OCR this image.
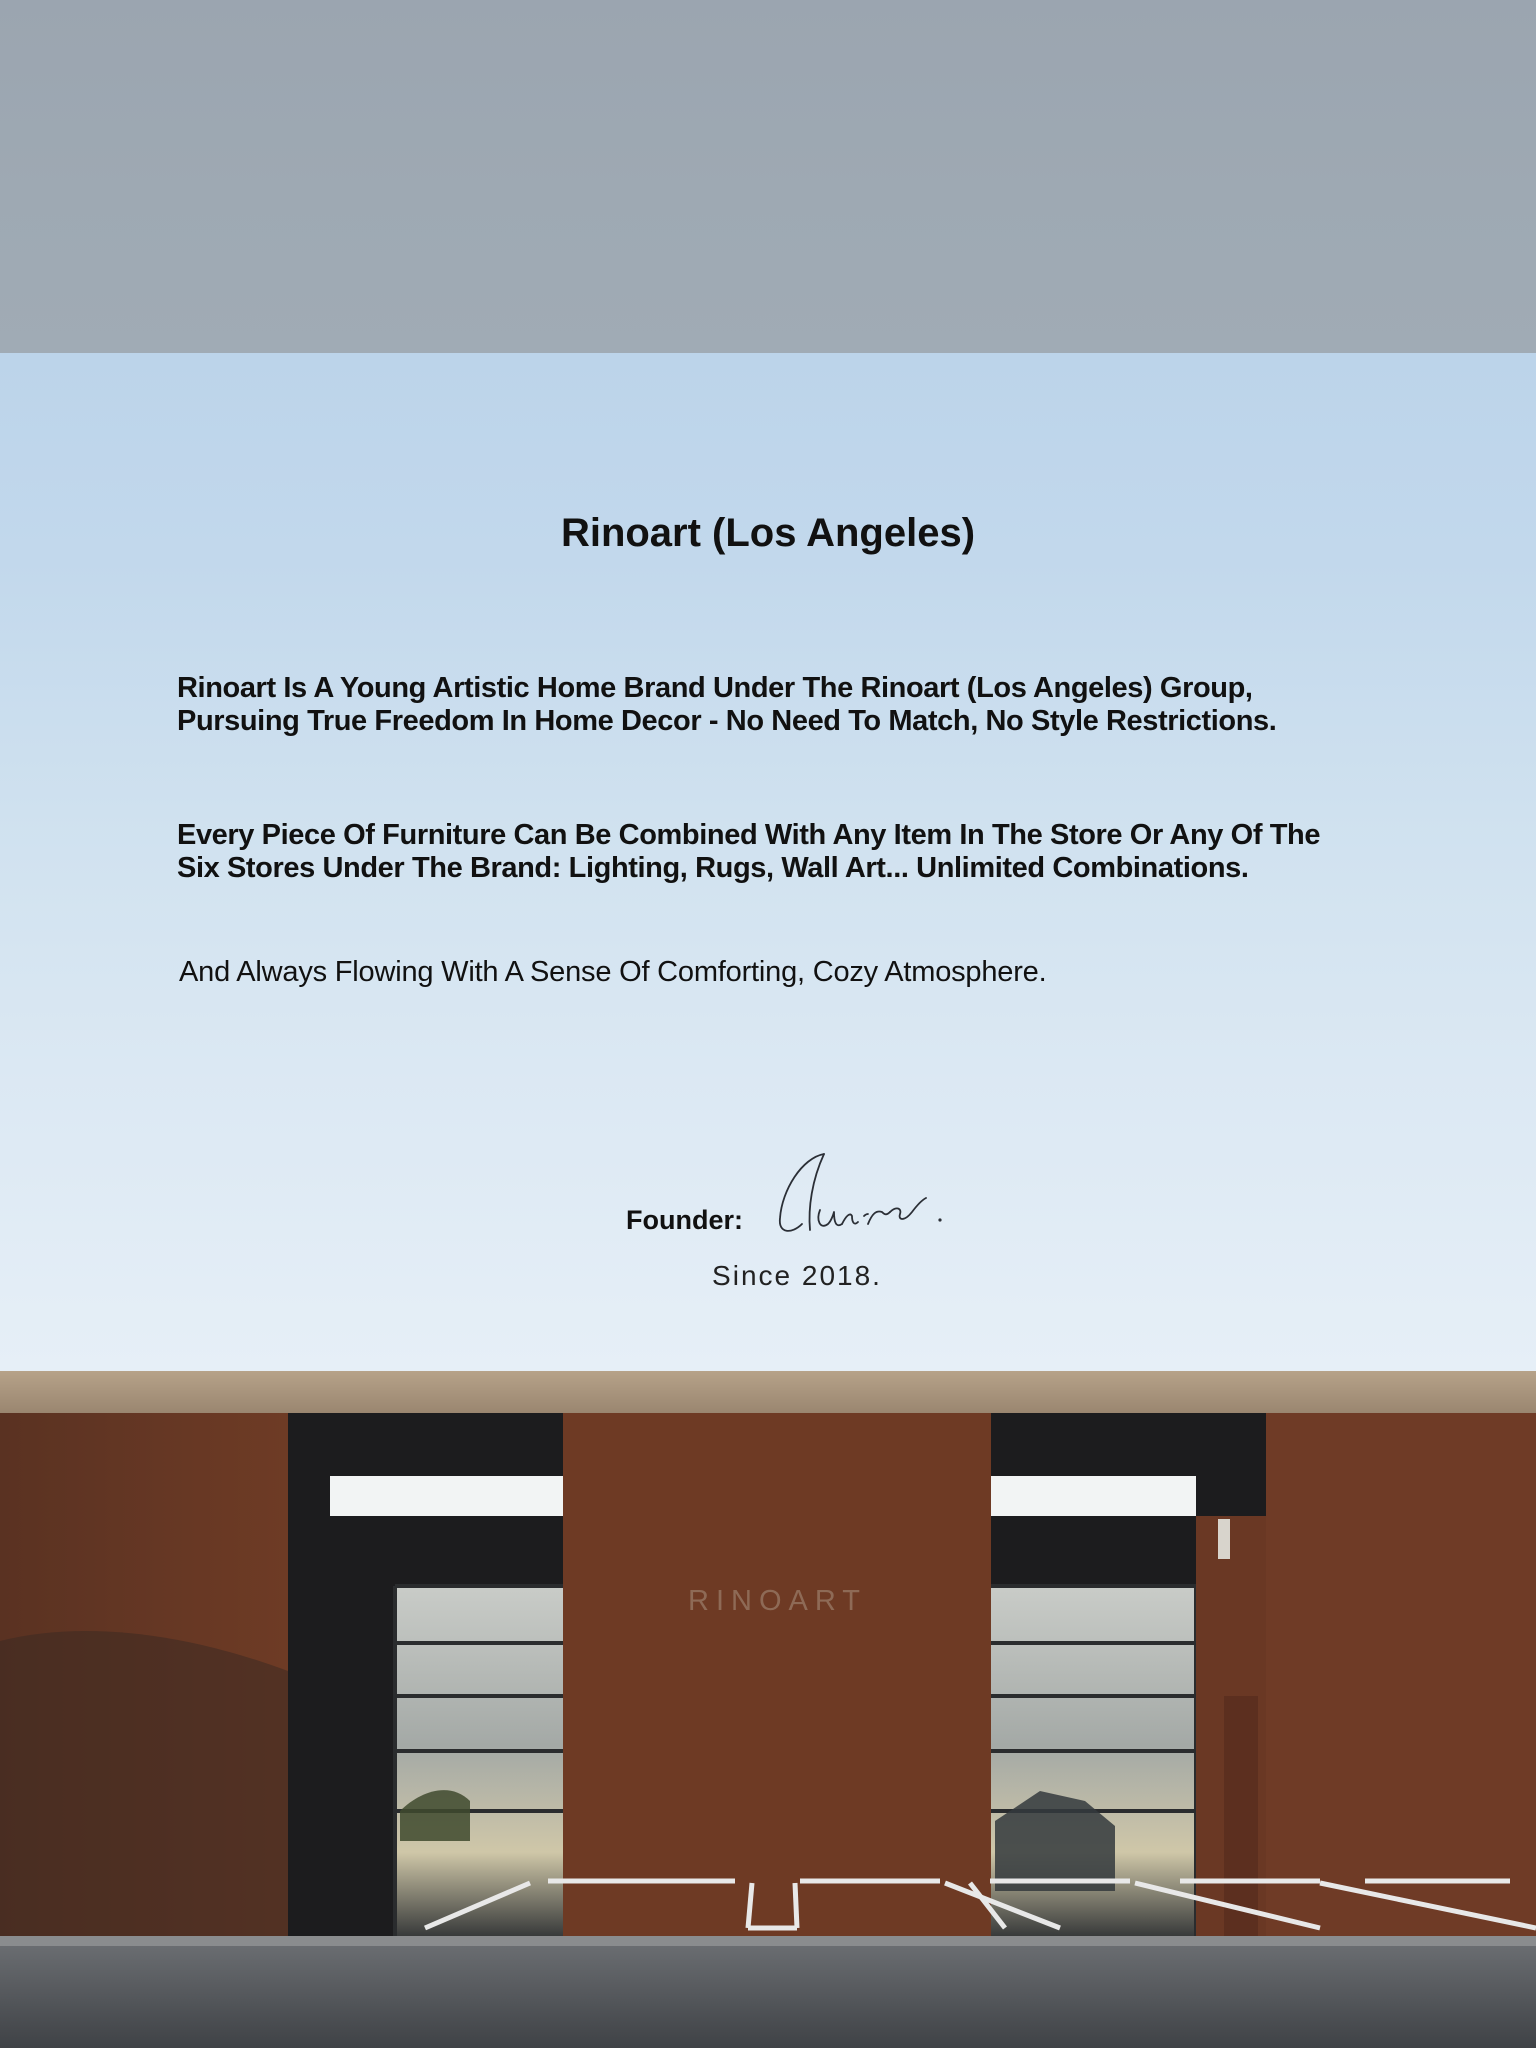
Rinoart (Los Angeles)
Rinoart Is A Young Artistic Home Brand Under The Rinoart (Los Angeles) Group,
Pursuing True Freedom In Home Decor - No Need To Match, No Style Restrictions.
Every Piece Of Furniture Can Be Combined With Any Item In The Store Or Any Of The
Six Stores Under The Brand: Lighting, Rugs, Wall Art... Unlimited Combinations.
And Always Flowing With A Sense Of Comforting, Cozy Atmosphere.
Founder:
Since 2018.
RINOART
